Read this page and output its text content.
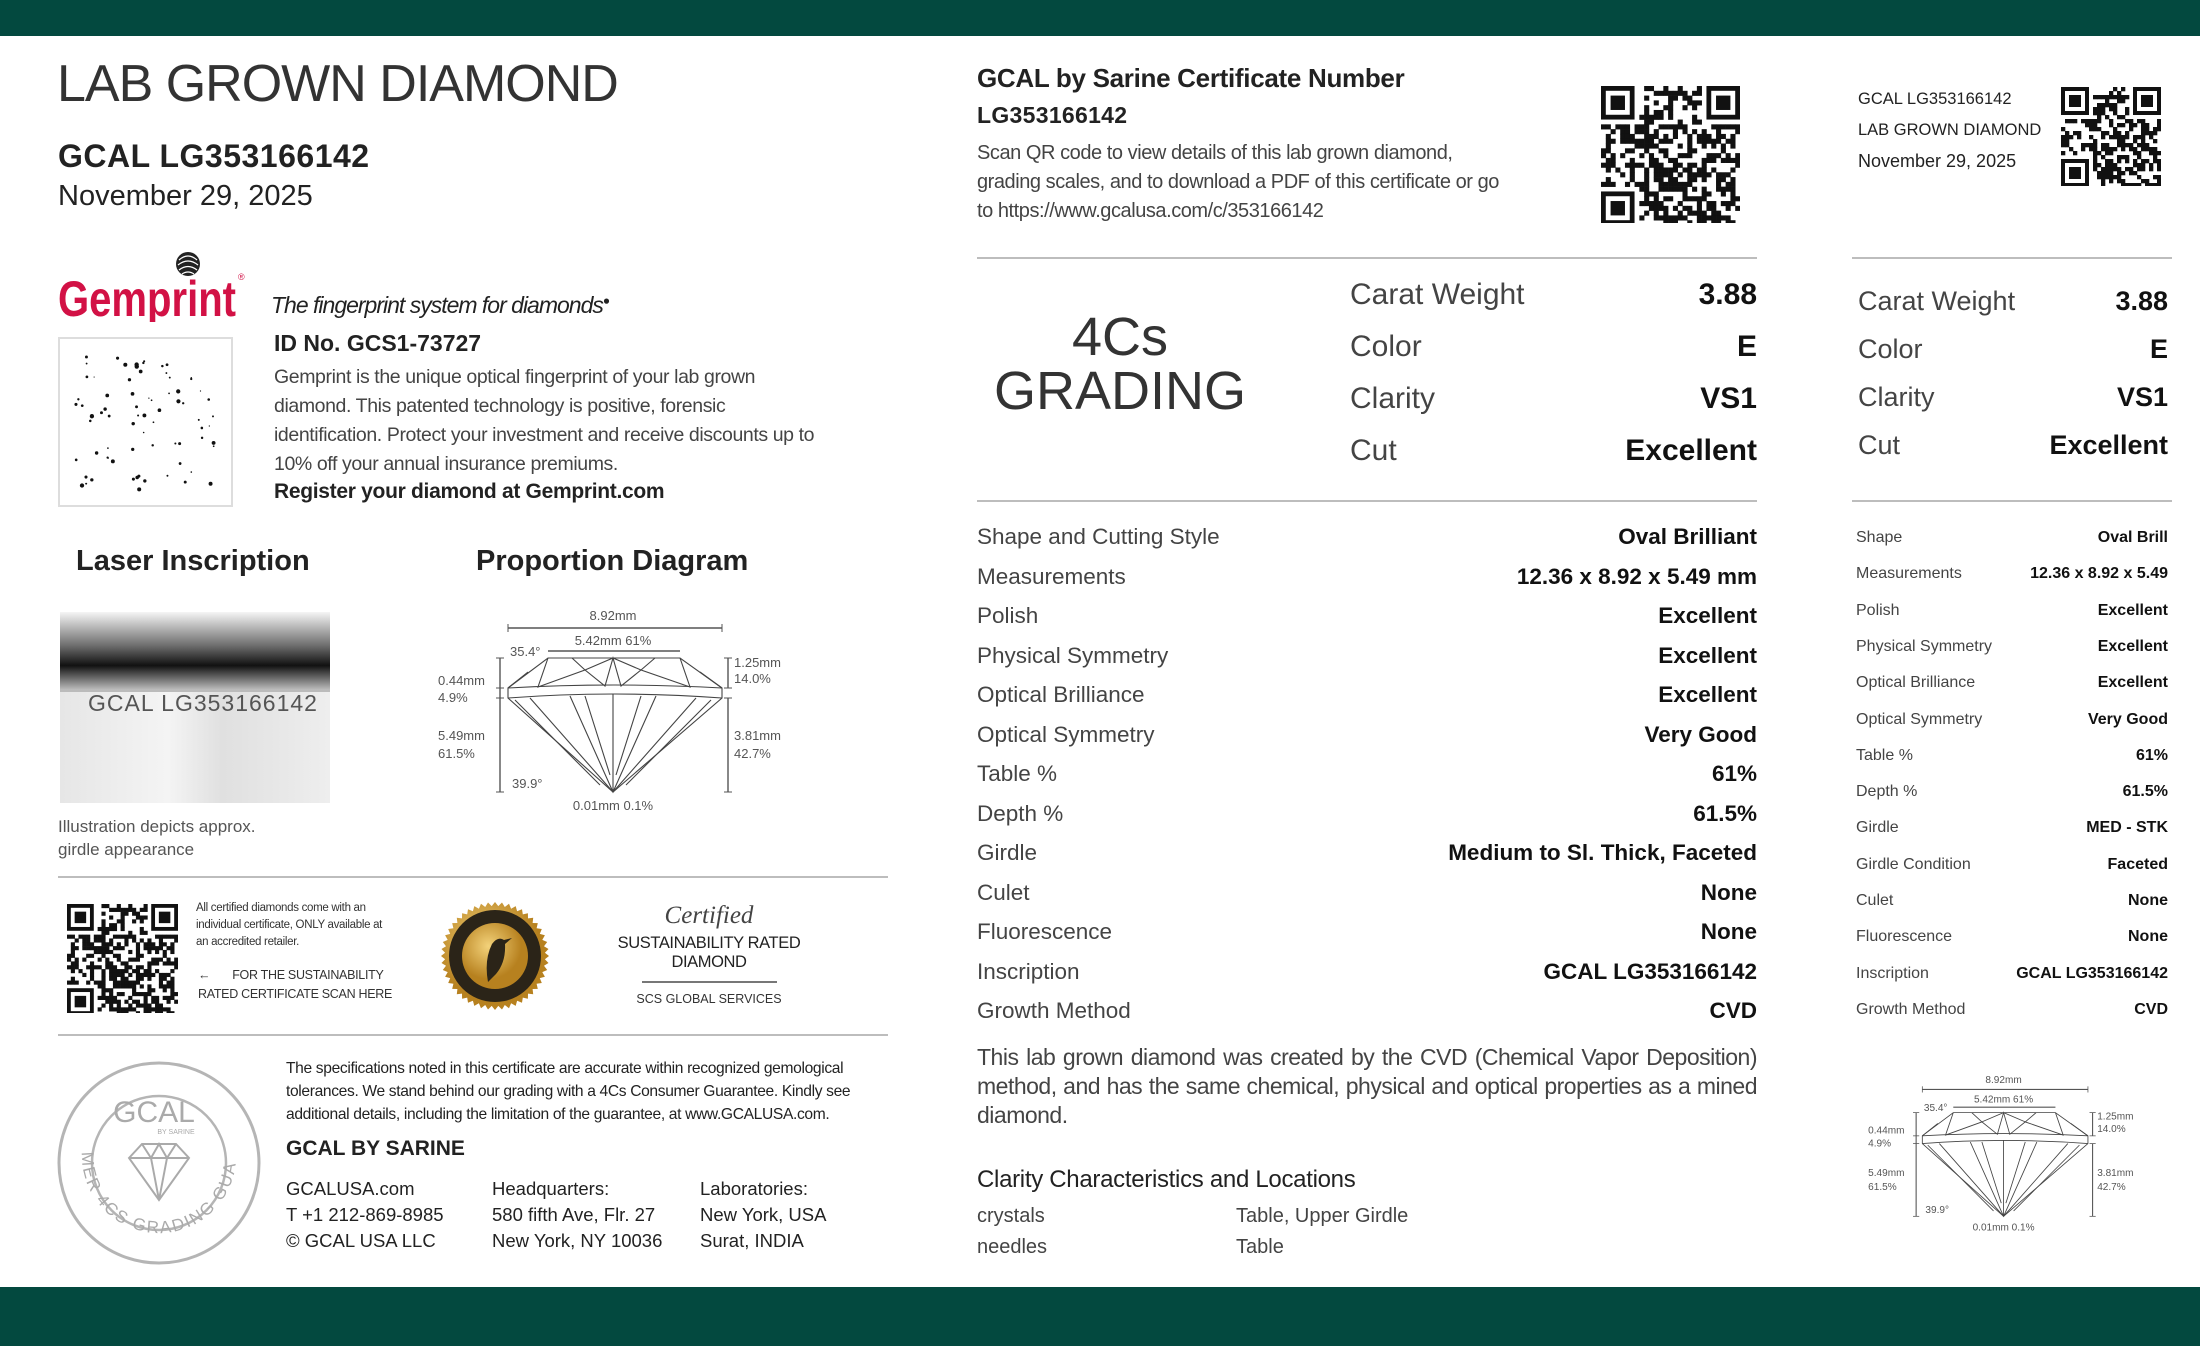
LAB GROWN DIAMOND
GCAL LG353166142
November 29, 2025
Gemprint ®
The fingerprint system for diamonds●
ID No. GCS1-73727
Gemprint is the unique optical fingerprint of your lab grown diamond. This patented technology is positive, forensic identification. Protect your investment and receive discounts up to 10% off your annual insurance premiums.
Register your diamond at Gemprint.com
Laser Inscription	Proportion Diagram
GCAL LG353166142
Illustration depicts approx. girdle appearance
8.92mm
5.42mm 61%
35.4°
0.44mm
4.9%
5.49mm
61.5%
39.9°
1.25mm
14.0%
3.81mm
42.7%
0.01mm 0.1%
All certified diamonds come with an individual certificate, ONLY available at an accredited retailer.
← FOR THE SUSTAINABILITY
RATED CERTIFICATE SCAN HERE
Certified
SUSTAINABILITY RATED DIAMOND
SCS GLOBAL SERVICES
MER 4CS GRADING GUA
GCAL
BY SARINE
The specifications noted in this certificate are accurate within recognized gemological tolerances. We stand behind our grading with a 4Cs Consumer Guarantee. Kindly see additional details, including the limitation of the guarantee, at www.GCALUSA.com.
GCAL BY SARINE
GCALUSA.com
T +1 212-869-8985
© GCAL USA LLC
Headquarters:
580 fifth Ave, Flr. 27
New York, NY 10036
Laboratories:
New York, USA
Surat, INDIA
GCAL by Sarine Certificate Number
LG353166142
Scan QR code to view details of this lab grown diamond, grading scales, and to download a PDF of this certificate or go to https://www.gcalusa.com/c/353166142
4Cs
GRADING
Carat Weight	3.88
Color	E
Clarity	VS1
Cut	Excellent
Shape and Cutting Style	Oval Brilliant
Measurements	12.36 x 8.92 x 5.49 mm
Polish	Excellent
Physical Symmetry	Excellent
Optical Brilliance	Excellent
Optical Symmetry	Very Good
Table %	61%
Depth %	61.5%
Girdle	Medium to Sl. Thick, Faceted
Culet	None
Fluorescence	None
Inscription	GCAL LG353166142
Growth Method	CVD
This lab grown diamond was created by the CVD (Chemical Vapor Deposition) method, and has the same chemical, physical and optical properties as a mined diamond.
Clarity Characteristics and Locations
crystals	Table, Upper Girdle
needles	Table
GCAL LG353166142
LAB GROWN DIAMOND
November 29, 2025
Carat Weight	3.88
Color	E
Clarity	VS1
Cut	Excellent
Shape	Oval Brill
Measurements	12.36 x 8.92 x 5.49
Polish	Excellent
Physical Symmetry	Excellent
Optical Brilliance	Excellent
Optical Symmetry	Very Good
Table %	61%
Depth %	61.5%
Girdle	MED - STK
Girdle Condition	Faceted
Culet	None
Fluorescence	None
Inscription	GCAL LG353166142
Growth Method	CVD
8.92mm
5.42mm 61%
35.4°
0.44mm
4.9%
5.49mm
61.5%
39.9°
1.25mm
14.0%
3.81mm
42.7%
0.01mm 0.1%
